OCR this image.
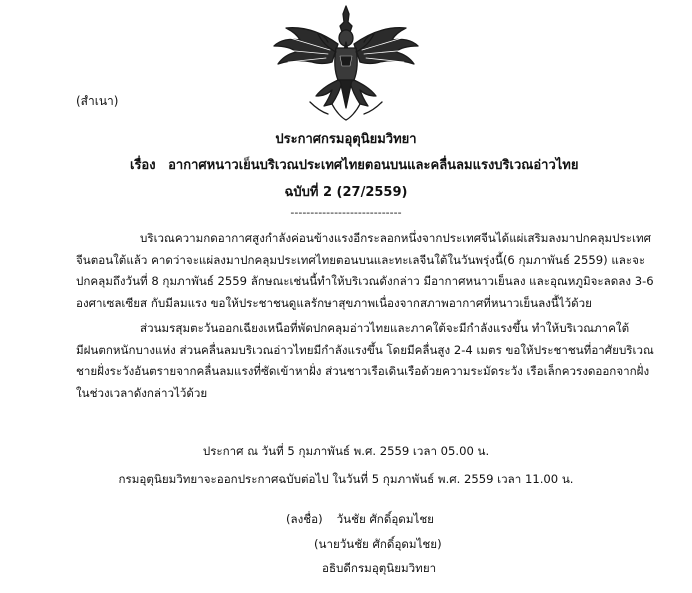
(สำเนา)
ประกาศกรมอุตุนิยมวิทยา
เรื่อง อากาศหนาวเย็นบริเวณประเทศไทยตอนบนและคลื่นลมแรงบริเวณอ่าวไทย
ฉบับที่ 2 (27/2559)
----------------------------
บริเวณความกดอากาศสูงกำลังค่อนข้างแรงอีกระลอกหนึ่งจากประเทศจีนได้แผ่เสริมลงมาปกคลุมประเทศ
จีนตอนใต้แล้ว คาดว่าจะแผ่ลงมาปกคลุมประเทศไทยตอนบนและทะเลจีนใต้ในวันพรุ่งนี้(6 กุมภาพันธ์ 2559) และจะ
ปกคลุมถึงวันที่ 8 กุมภาพันธ์ 2559 ลักษณะเช่นนี้ทำให้บริเวณดังกล่าว มีอากาศหนาวเย็นลง และอุณหภูมิจะลดลง 3-6
องศาเซลเซียส กับมีลมแรง ขอให้ประชาชนดูแลรักษาสุขภาพเนื่องจากสภาพอากาศที่หนาวเย็นลงนี้ไว้ด้วย
ส่วนมรสุมตะวันออกเฉียงเหนือที่พัดปกคลุมอ่าวไทยและภาคใต้จะมีกำลังแรงขึ้น ทำให้บริเวณภาคใต้
มีฝนตกหนักบางแห่ง ส่วนคลื่นลมบริเวณอ่าวไทยมีกำลังแรงขึ้น โดยมีคลื่นสูง 2-4 เมตร ขอให้ประชาชนที่อาศัยบริเวณ
ชายฝั่งระวังอันตรายจากคลื่นลมแรงที่ซัดเข้าหาฝั่ง ส่วนชาวเรือเดินเรือด้วยความระมัดระวัง เรือเล็กควรงดออกจากฝั่ง
ในช่วงเวลาดังกล่าวไว้ด้วย
ประกาศ ณ วันที่ 5 กุมภาพันธ์ พ.ศ. 2559 เวลา 05.00 น.
กรมอุตุนิยมวิทยาจะออกประกาศฉบับต่อไป ในวันที่ 5 กุมภาพันธ์ พ.ศ. 2559 เวลา 11.00 น.
(ลงชื่อ) วันชัย ศักดิ์อุดมไชย
(นายวันชัย ศักดิ์อุดมไชย)
อธิบดีกรมอุตุนิยมวิทยา
